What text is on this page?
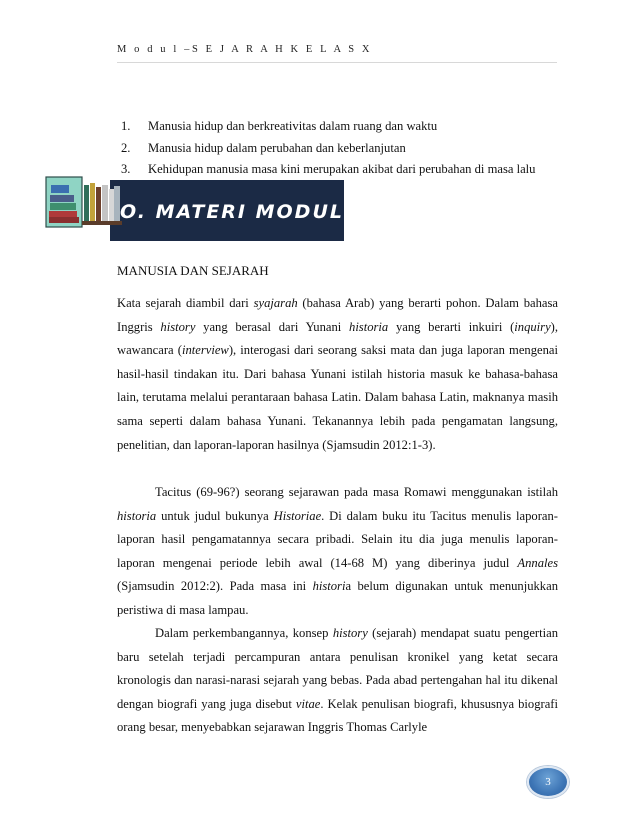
M o d u l –S E J A R A H K E L A S X
1.	Manusia hidup dan berkreativitas dalam ruang dan waktu
2.	Manusia hidup dalam perubahan dan keberlanjutan
3.	Kehidupan manusia masa kini merupakan akibat dari perubahan di masa lalu
O. MATERI MODUL
MANUSIA DAN SEJARAH

Kata sejarah diambil dari syajarah (bahasa Arab) yang berarti pohon. Dalam bahasa Inggris history yang berasal dari Yunani historia yang berarti inkuiri (inquiry), wawancara (interview), interogasi dari seorang saksi mata dan juga laporan mengenai hasil-hasil tindakan itu. Dari bahasa Yunani istilah historia masuk ke bahasa-bahasa lain, terutama melalui perantaraan bahasa Latin. Dalam bahasa Latin, maknanya masih sama seperti dalam bahasa Yunani. Tekanannya lebih pada pengamatan langsung, penelitian, dan laporan-laporan hasilnya (Sjamsudin 2012:1-3).

Tacitus (69-96?) seorang sejarawan pada masa Romawi menggunakan istilah historia untuk judul bukunya Historiae. Di dalam buku itu Tacitus menulis laporan-laporan hasil pengamatannya secara pribadi. Selain itu dia juga menulis laporan-laporan mengenai periode lebih awal (14-68 M) yang diberinya judul Annales (Sjamsudin 2012:2). Pada masa ini historia belum digunakan untuk menunjukkan peristiwa di masa lampau.

Dalam perkembangannya, konsep history (sejarah) mendapat suatu pengertian baru setelah terjadi percampuran antara penulisan kronikel yang ketat secara kronologis dan narasi-narasi sejarah yang bebas. Pada abad pertengahan hal itu dikenal dengan biografi yang juga disebut vitae. Kelak penulisan biografi, khususnya biografi orang besar, menyebabkan sejarawan Inggris Thomas Carlyle

3
